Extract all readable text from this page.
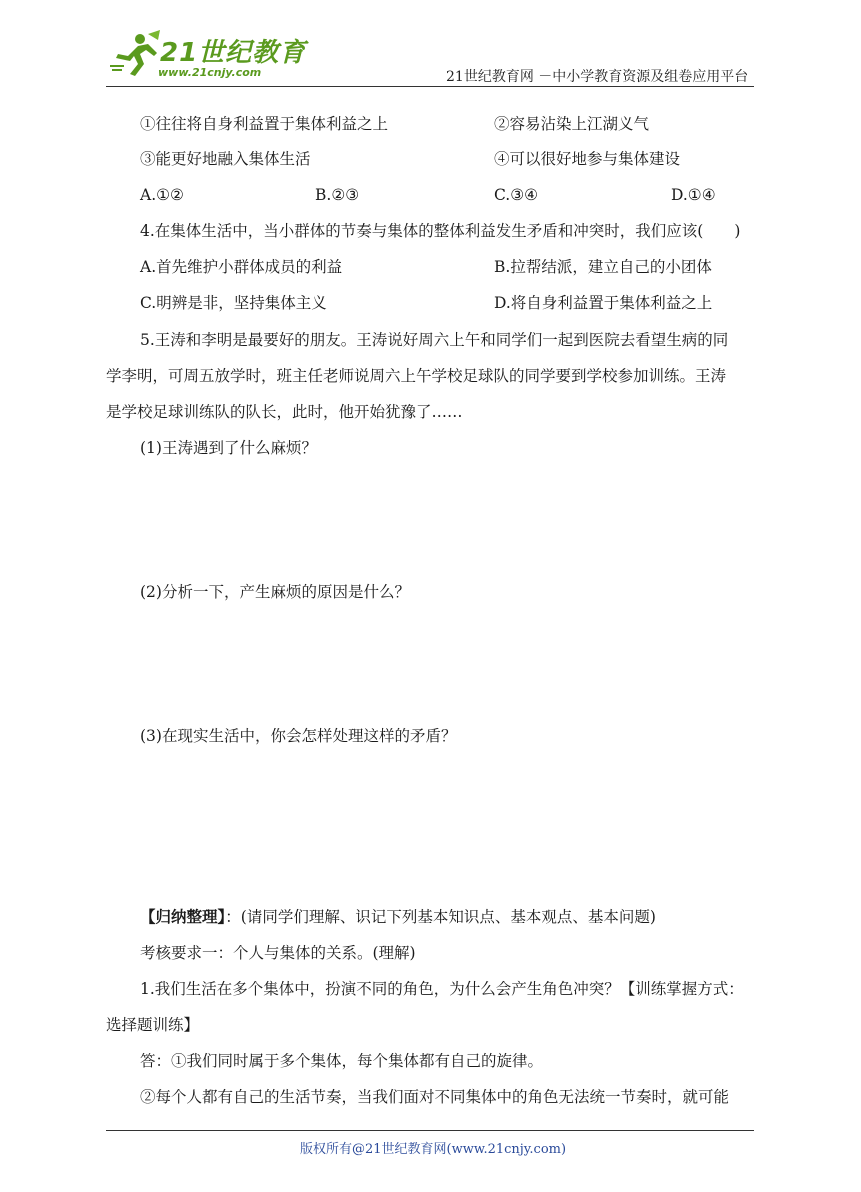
21世纪教育
www.21cnjy.com	21世纪教育网 －中小学教育资源及组卷应用平台
①往往将自身利益置于集体利益之上	②容易沾染上江湖义气
③能更好地融入集体生活	④可以很好地参与集体建设
A.①②	B.②③	C.③④	D.①④
4.在集体生活中，当小群体的节奏与集体的整体利益发生矛盾和冲突时，我们应该(　　)
A.首先维护小群体成员的利益	B.拉帮结派，建立自己的小团体
C.明辨是非，坚持集体主义	D.将自身利益置于集体利益之上
5.王涛和李明是最要好的朋友。王涛说好周六上午和同学们一起到医院去看望生病的同
学李明，可周五放学时，班主任老师说周六上午学校足球队的同学要到学校参加训练。王涛
是学校足球训练队的队长，此时，他开始犹豫了……
(1)王涛遇到了什么麻烦？
(2)分析一下，产生麻烦的原因是什么？
(3)在现实生活中，你会怎样处理这样的矛盾？
【归纳整理】：(请同学们理解、识记下列基本知识点、基本观点、基本问题)
考核要求一：个人与集体的关系。(理解)
1.我们生活在多个集体中，扮演不同的角色，为什么会产生角色冲突？【训练掌握方式：
选择题训练】
答：①我们同时属于多个集体，每个集体都有自己的旋律。
②每个人都有自己的生活节奏，当我们面对不同集体中的角色无法统一节奏时，就可能
版权所有@21世纪教育网(www.21cnjy.com)
